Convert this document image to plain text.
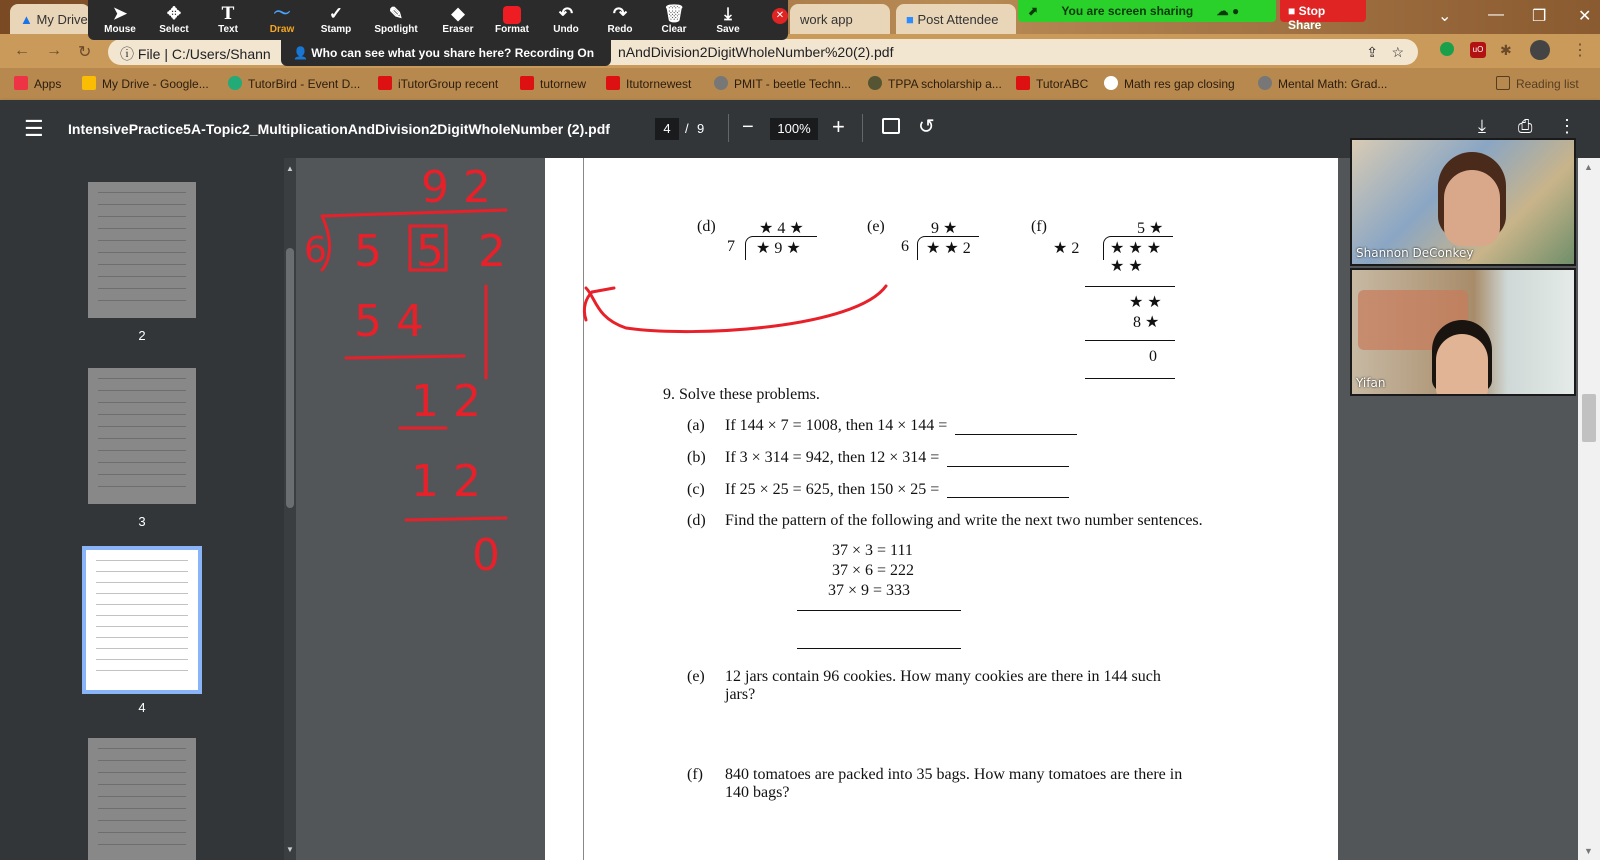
▲ My Drive	work app	■ Post Attendee	⌄ — ❐ ✕
← → ↻	ⓘ File | C:/Users/Shann	nAndDivision2DigitWholeNumber%20(2).pdf	⇪ ☆	uO ✱	⋮
Apps	My Drive - Google...	TutorBird - Event D...	iTutorGroup recent	tutornew	Itutornewest	PMIT - beetle Techn...	TPPA scholarship a...	TutorABC	Math res gap closing	Mental Math: Grad...	Reading list
➤
Mouse
✥
Select
T
Text
〜
Draw
✓
Stamp
✎
Spotlight
◆
Eraser	Format
↶
Undo
↷
Redo
🗑
Clear
⤓
Save
✕
👤 Who can see what you share here? Recording On
⬈ You are screen sharing ☁ ●	■ Stop Share
☰ IntensivePractice5A-Topic2_MultiplicationAndDivision2DigitWholeNumber (2).pdf	4	/ 9 −	100% +	↺	⤓ ⎙ ⋮
2
3
4
▲
▼
(d)	★ 4 ★
7 ★ 9 ★
(e)	9 ★
6 ★ ★ 2
(f)	5 ★
★ 2 ★ ★ ★
★ ★
★ ★
8 ★
0
9. Solve these problems.
(a) If 144 × 7 = 1008, then 14 × 144 =
(b) If 3 × 314 = 942, then 12 × 314 =
(c) If 25 × 25 = 625, then 150 × 25 =
(d) Find the pattern of the following and write the next two number sentences.
37 × 3 = 111
37 × 6 = 222
37 × 9 = 333
(e) 12 jars contain 96 cookies. How many cookies are there in 144 such
jars?
(f) 840 tomatoes are packed into 35 bags. How many tomatoes are there in
140 bags?
9 2
6 5 5 2
5 4
1 2
1 2
0
▲
▼
Shannon DeConkey
Yifan
